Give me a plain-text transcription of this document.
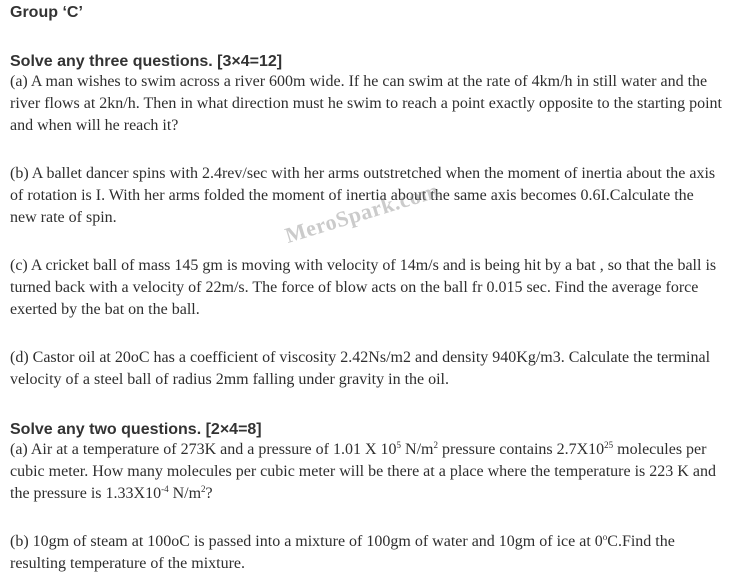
Group ‘C’

Solve any three questions. [3×4=12]

(a) A man wishes to swim across a river 600m wide. If he can swim at the rate of 4km/h in still water and the river flows at 2kn/h. Then in what direction must he swim to reach a point exactly opposite to the starting point and when will he reach it?

(b) A ballet dancer spins with 2.4rev/sec with her arms outstretched when the moment of inertia about the axis of rotation is I. With her arms folded the moment of inertia about the same axis becomes 0.6I.Calculate the new rate of spin.

(c) A cricket ball of mass 145 gm is moving with velocity of 14m/s and is being hit by a bat , so that the ball is turned back with a velocity of 22m/s. The force of blow acts on the ball fr 0.015 sec. Find the average force exerted by the bat on the ball.

(d) Castor oil at 20oC has a coefficient of viscosity 2.42Ns/m2 and density 940Kg/m3. Calculate the terminal velocity of a steel ball of radius 2mm falling under gravity in the oil.

Solve any two questions. [2×4=8]

(a) Air at a temperature of 273K and a pressure of 1.01 X $10^5$ $N/m^2$ pressure contains $2.7X10^{25}$ molecules per cubic meter. How many molecules per cubic meter will be there at a place where the temperature is 223 K and the pressure is $1.33X10^{-4}$ $N/m^2$?

(b) 10gm of steam at 100oC is passed into a mixture of 100gm of water and 10gm of ice at 0$^o$C.Find the resulting temperature of the mixture.

MeroSpark.com
